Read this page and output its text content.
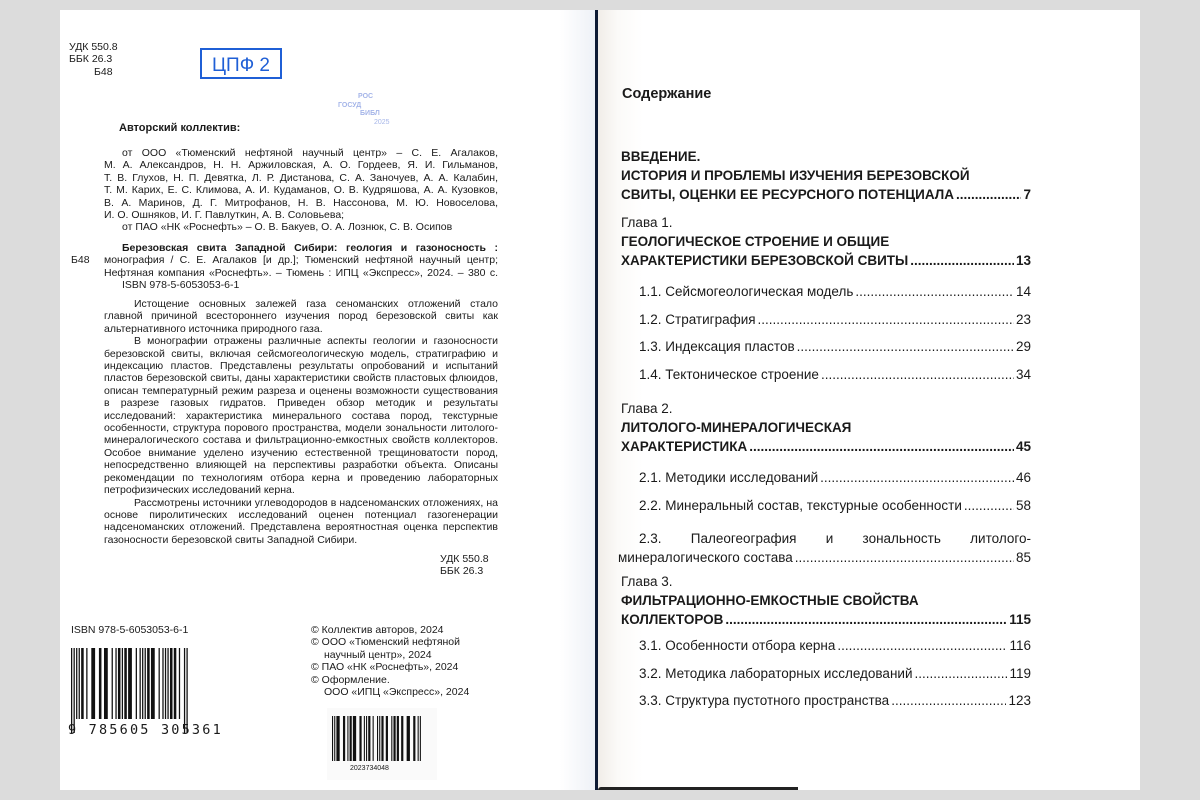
УДК 550.8
ББК 26.3
Б48	ЦПФ 2
РОС
ГОСУД
БИБЛ
2025
Авторский коллектив:
от ООО «Тюменский нефтяной научный центр» – С. Е. Агалаков,
М. А. Александров, Н. Н. Аржиловская, А. О. Гордеев, Я. И. Гильманов,
Т. В. Глухов, Н. П. Девятка, Л. Р. Дистанова, С. А. Заночуев, А. А. Калабин,
Т. М. Карих, Е. С. Климова, А. И. Кудаманов, О. В. Кудряшова, А. А. Кузовков,
В. А. Маринов, Д. Г. Митрофанов, Н. В. Нассонова, М. Ю. Новоселова,
И. О. Ошняков, И. Г. Павлуткин, А. В. Соловьева;
от ПАО «НК «Роснефть» – О. В. Бакуев, О. А. Лознюк, С. В. Осипов
Б48
Березовская свита Западной Сибири: геология и газоносность :
монография / С. Е. Агалаков [и др.]; Тюменский нефтяной научный центр;
Нефтяная компания «Роснефть». – Тюмень : ИПЦ «Экспресс», 2024. – 380 с.
ISBN 978-5-6053053-6-1

Истощение основных залежей газа сеноманских отложений стало главной причиной всестороннего изучения пород березовской свиты как альтернативного источника природного газа.

В монографии отражены различные аспекты геологии и газоносности березовской свиты, включая сейсмогеологическую модель, стратиграфию и индексацию пластов. Представлены результаты опробований и испытаний пластов березовской свиты, даны характеристики свойств пластовых флюидов, описан температурный режим разреза и оценены возможности существования в разрезе газовых гидратов. Приведен обзор методик и результаты исследований: характеристика минерального состава пород, текстурные особенности, структура порового пространства, модели зональности литолого-минералогического состава и фильтрационно-емкостных свойств коллекторов. Особое внимание уделено изучению естественной трещиноватости пород, непосредственно влияющей на перспективы разработки объекта. Описаны рекомендации по технологиям отбора керна и проведению лабораторных петрофизических исследований керна.

Рассмотрены источники углеводородов в надсеноманских отложениях, на основе пиролитических исследований оценен потенциал газогенерации надсеноманских отложений. Представлена вероятностная оценка перспектив газоносности березовской свиты Западной Сибири.

УДК 550.8
ББК 26.3
ISBN 978-5-6053053-6-1
9 785605 305361
© Коллектив авторов, 2024
© ООО «Тюменский нефтяной
научный центр», 2024
© ПАО «НК «Роснефть», 2024
© Оформление.
ООО «ИПЦ «Экспресс», 2024
2023734048
Содержание
ВВЕДЕНИЕ.
ИСТОРИЯ И ПРОБЛЕМЫ ИЗУЧЕНИЯ БЕРЕЗОВСКОЙ
СВИТЫ, ОЦЕНКИ ЕЕ РЕСУРСНОГО ПОТЕНЦИАЛА .....	7
Глава 1.
ГЕОЛОГИЧЕСКОЕ СТРОЕНИЕ И ОБЩИЕ
ХАРАКТЕРИСТИКИ БЕРЕЗОВСКОЙ СВИТЫ .....	13
1.1. Сейсмогеологическая модель .....	14
1.2. Стратиграфия .....	23
1.3. Индексация пластов .....	29
1.4. Тектоническое строение .....	34
Глава 2.
ЛИТОЛОГО-МИНЕРАЛОГИЧЕСКАЯ
ХАРАКТЕРИСТИКА .....	45
2.1. Методики исследований .....	46
2.2. Минеральный состав, текстурные особенности .....	58
2.3. Палеогеография и зональность литолого-
минералогического состава .....	85
Глава 3.
ФИЛЬТРАЦИОННО-ЕМКОСТНЫЕ СВОЙСТВА
КОЛЛЕКТОРОВ .....	115
3.1. Особенности отбора керна .....	116
3.2. Методика лабораторных исследований .....	119
3.3. Структура пустотного пространства .....	123
